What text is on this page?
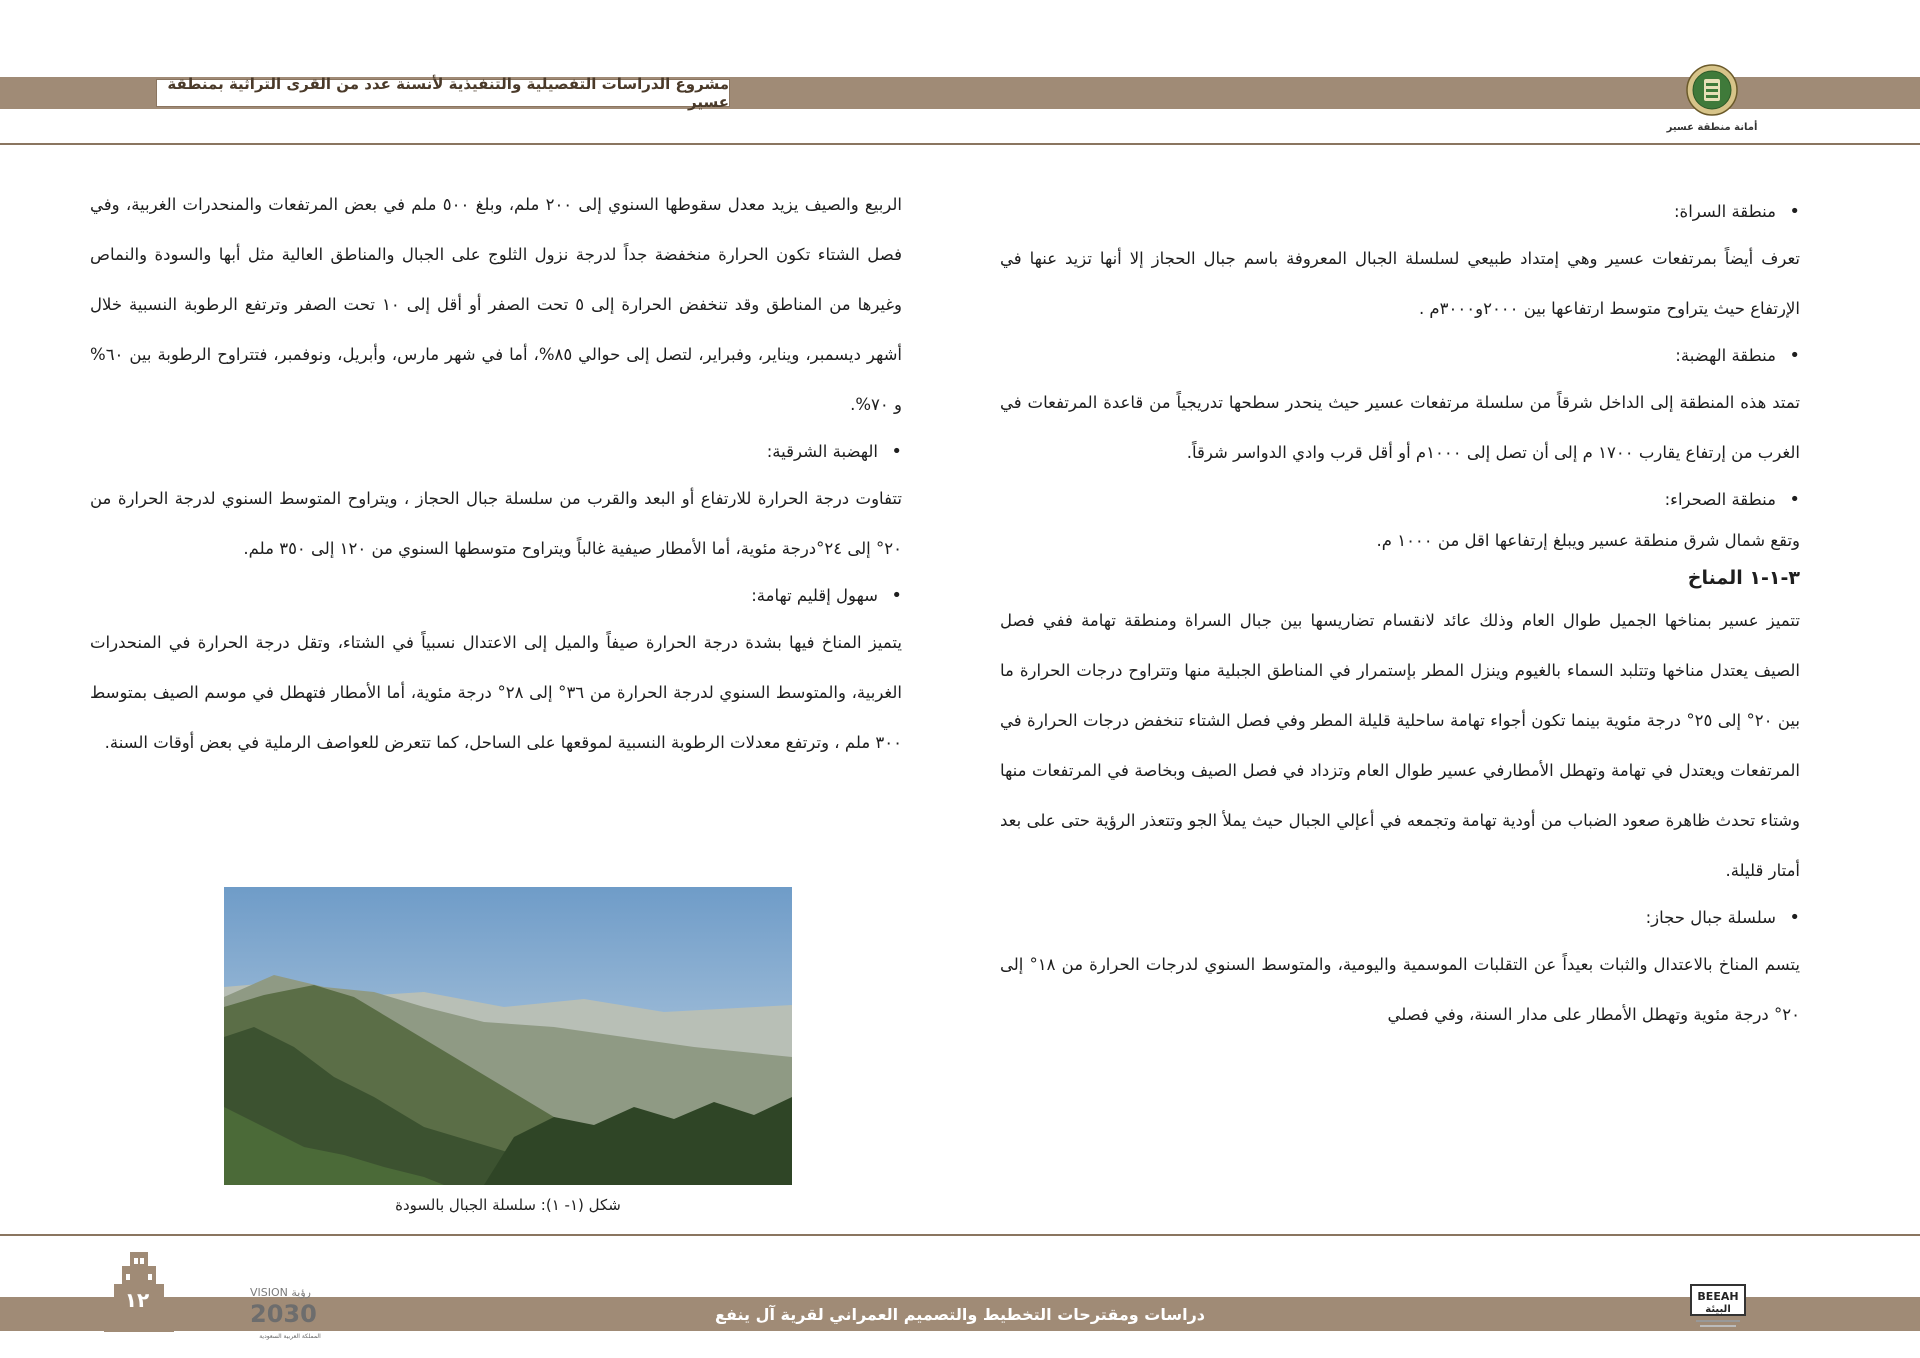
مشروع الدراسات التفصيلية والتنفيذية لأنسنة عدد من القرى التراثية بمنطقة عسير
أمانة منطقة عسير
• منطقة السراة:

تعرف أيضاً بمرتفعات عسير وهي إمتداد طبيعي لسلسلة الجبال المعروفة باسم جبال الحجاز إلا أنها تزيد عنها في الإرتفاع حيث يتراوح متوسط ارتفاعها بين ٢٠٠٠و٣٠٠٠م .

• منطقة الهضبة:

تمتد هذه المنطقة إلى الداخل شرقاً من سلسلة مرتفعات عسير حيث ينحدر سطحها تدريجياً من قاعدة المرتفعات في الغرب من إرتفاع يقارب ١٧٠٠ م إلى أن تصل إلى ١٠٠٠م أو أقل قرب وادي الدواسر شرقاً.

• منطقة الصحراء:

وتقع شمال شرق منطقة عسير ويبلغ إرتفاعها اقل من ١٠٠٠ م.

٣-١-١ المناخ

تتميز عسير بمناخها الجميل طوال العام وذلك عائد لانقسام تضاريسها بين جبال السراة ومنطقة تهامة ففي فصل الصيف يعتدل مناخها وتتلبد السماء بالغيوم وينزل المطر بإستمرار في المناطق الجبلية منها وتتراوح درجات الحرارة ما بين ٢٠° إلى ٢٥° درجة مئوية بينما تكون أجواء تهامة ساحلية قليلة المطر وفي فصل الشتاء تنخفض درجات الحرارة في المرتفعات ويعتدل في تهامة وتهطل الأمطارفي عسير طوال العام وتزداد في فصل الصيف وبخاصة في المرتفعات منها وشتاء تحدث ظاهرة صعود الضباب من أودية تهامة وتجمعه في أعإلي الجبال حيث يملأ الجو وتتعذر الرؤية حتى على بعد أمتار قليلة.

• سلسلة جبال حجاز:

يتسم المناخ بالاعتدال والثبات بعيداً عن التقلبات الموسمية واليومية، والمتوسط السنوي لدرجات الحرارة من ١٨° إلى ٢٠° درجة مئوية وتهطل الأمطار على مدار السنة، وفي فصلي

الربيع والصيف يزيد معدل سقوطها السنوي إلى ٢٠٠ ملم، وبلغ ٥٠٠ ملم في بعض المرتفعات والمنحدرات الغربية، وفي فصل الشتاء تكون الحرارة منخفضة جداً لدرجة نزول الثلوج على الجبال والمناطق العالية مثل أبها والسودة والنماص وغيرها من المناطق وقد تنخفض الحرارة إلى ٥ تحت الصفر أو أقل إلى ١٠ تحت الصفر وترتفع الرطوبة النسبية خلال أشهر ديسمبر، ويناير، وفبراير، لتصل إلى حوالي ٨٥%، أما في شهر مارس، وأبريل، ونوفمبر، فتتراوح الرطوبة بين ٦٠% و ٧٠%.

• الهضبة الشرقية:

تتفاوت درجة الحرارة للارتفاع أو البعد والقرب من سلسلة جبال الحجاز ، ويتراوح المتوسط السنوي لدرجة الحرارة من ٢٠° إلى ٢٤°درجة مئوية، أما الأمطار صيفية غالباً ويتراوح متوسطها السنوي من ١٢٠ إلى ٣٥٠ ملم.

• سهول إقليم تهامة:

يتميز المناخ فيها بشدة درجة الحرارة صيفاً والميل إلى الاعتدال نسبياً في الشتاء، وتقل درجة الحرارة في المنحدرات الغربية، والمتوسط السنوي لدرجة الحرارة من ٣٦° إلى ٢٨° درجة مئوية، أما الأمطار فتهطل في موسم الصيف بمتوسط ٣٠٠ ملم ، وترتفع معدلات الرطوبة النسبية لموقعها على الساحل، كما تتعرض للعواصف الرملية في بعض أوقات السنة.

شكل (١- ١): سلسلة الجبال بالسودة
دراسات ومقترحات التخطيط والتصميم العمراني لقرية آل ينفع
١٢	VISION رؤية
2030
المملكة العربية السعودية
BEEAH
البيئة
